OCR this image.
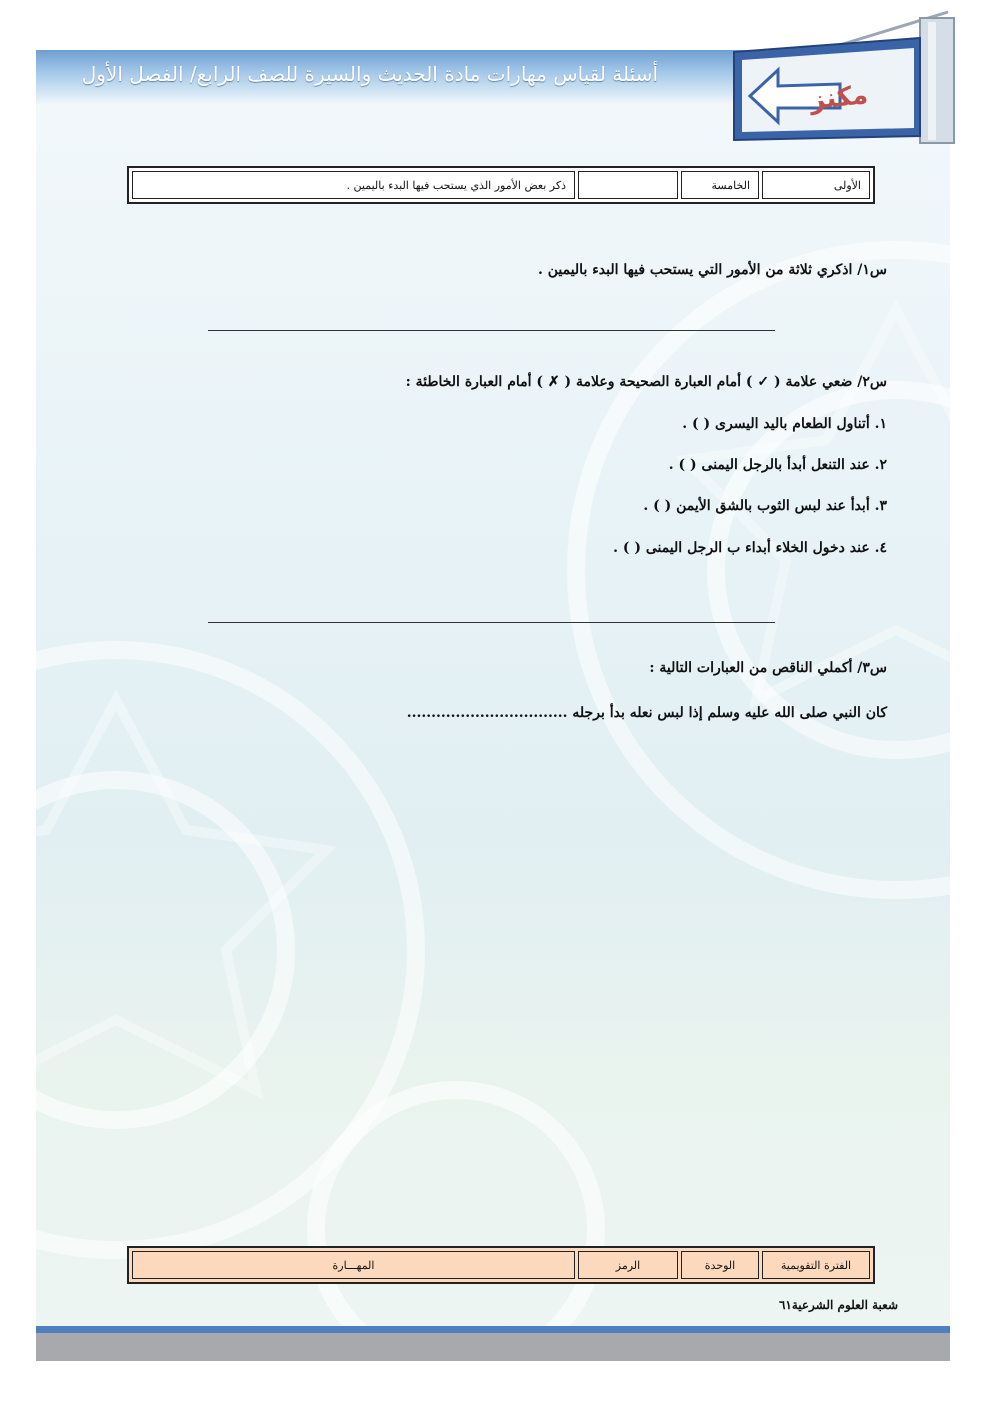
أسئلة لقياس مهارات مادة الحديث والسيرة للصف الرابع/ الفصل الأول
مكنز
الأولى	الخامسة		ذكر بعض الأمور الذي يستحب فيها البدء باليمين .
س١/ اذكري ثلاثة من الأمور التي يستحب فيها البدء باليمين .
س٢/ ضعي علامة ( ✓ ) أمام العبارة الصحيحة وعلامة ( ✗ ) أمام العبارة الخاطئة :
١. أتناول الطعام باليد اليسرى ( ) .
٢. عند التنعل أبدأ بالرجل اليمنى ( ) .
٣. أبدأ عند لبس الثوب بالشق الأيمن ( ) .
٤. عند دخول الخلاء أبداء ب الرجل اليمنى ( ) .
س٣/ أكملي الناقص من العبارات التالية :
كان النبي صلى الله عليه وسلم إذا لبس نعله بدأ برجله .................................
الفترة التقويمية	الوحدة	الرمز	المهـــارة
شعبة العلوم الشرعية٦١
